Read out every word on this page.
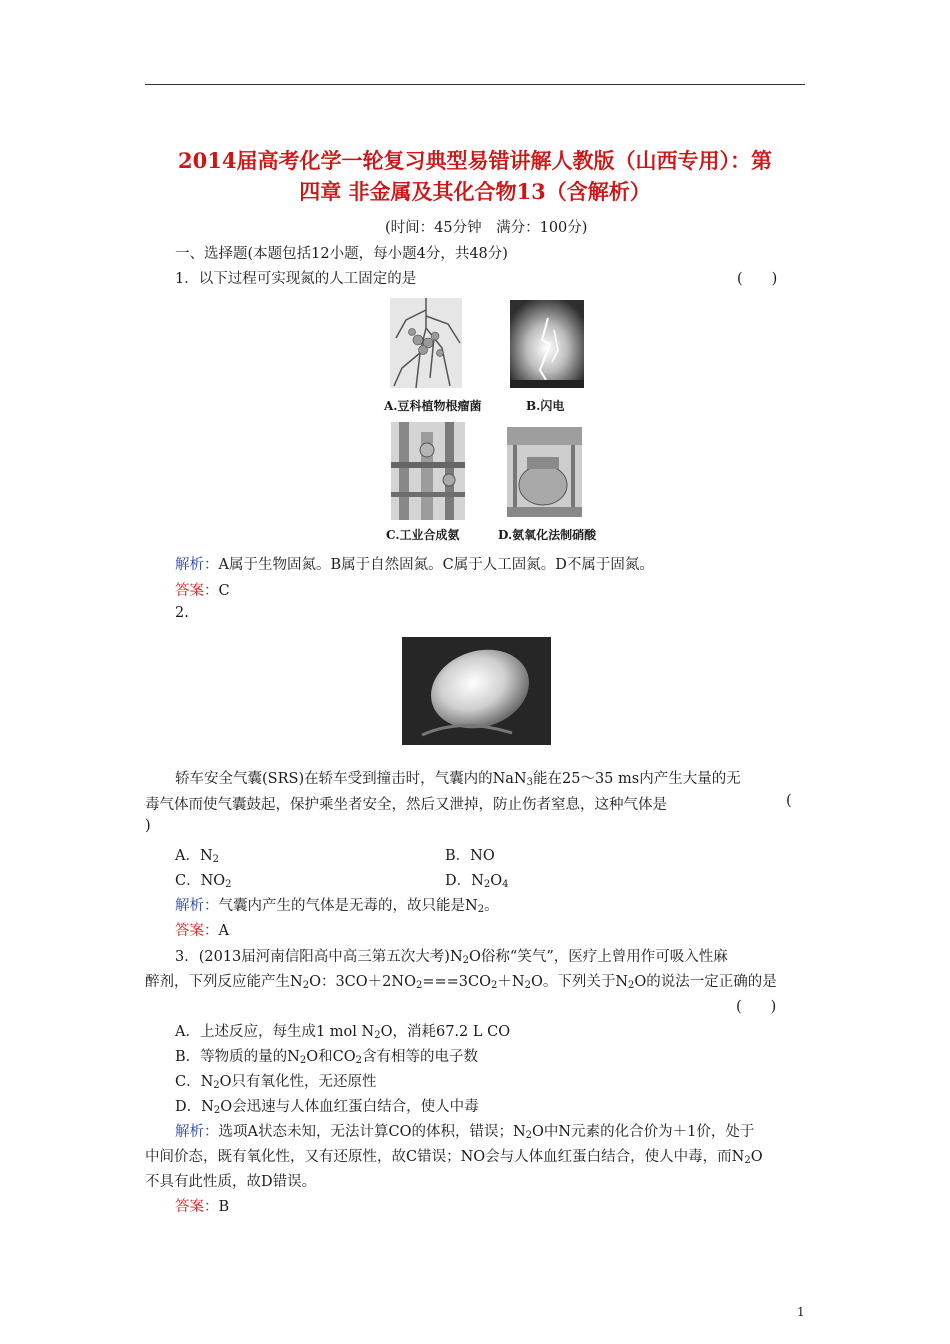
2014届高考化学一轮复习典型易错讲解人教版（山西专用）：第
四章 非金属及其化合物13（含解析）
(时间：45分钟　满分：100分)
一、选择题(本题包括12小题，每小题4分，共48分)
1．以下过程可实现氮的人工固定的是	(　　)
A.豆科植物根瘤菌	B.闪电
C.工业合成氨	D.氨氧化法制硝酸
解析：A属于生物固氮。B属于自然固氮。C属于人工固氮。D不属于固氮。
答案：C
2.
轿车安全气囊(SRS)在轿车受到撞击时，气囊内的NaN$_3$能在25～35 ms内产生大量的无
毒气体而使气囊鼓起，保护乘坐者安全，然后又泄掉，防止伤者窒息，这种气体是	(
)
A．$N_2$	B．NO
C．$NO_2$	D．$N_2O_4$
解析：气囊内产生的气体是无毒的，故只能是$N_2$。
答案：A
3．(2013届河南信阳高中高三第五次大考)$N_2O$俗称“笑气”，医疗上曾用作可吸入性麻
醉剂，下列反应能产生$N_2O$：$3CO+2NO_2===3CO_2+N_2O$。下列关于$N_2O$的说法一定正确的是
(　　)
A．上述反应，每生成1 mol $N_2O$，消耗67.2 L CO
B．等物质的量的$N_2O$和$CO_2$含有相等的电子数
C．$N_2O$只有氧化性，无还原性
D．$N_2O$会迅速与人体血红蛋白结合，使人中毒
解析：选项A状态未知，无法计算CO的体积，错误；$N_2O$中N元素的化合价为＋1价，处于
中间价态，既有氧化性，又有还原性，故C错误；NO会与人体血红蛋白结合，使人中毒，而$N_2O$
不具有此性质，故D错误。
答案：B
1
